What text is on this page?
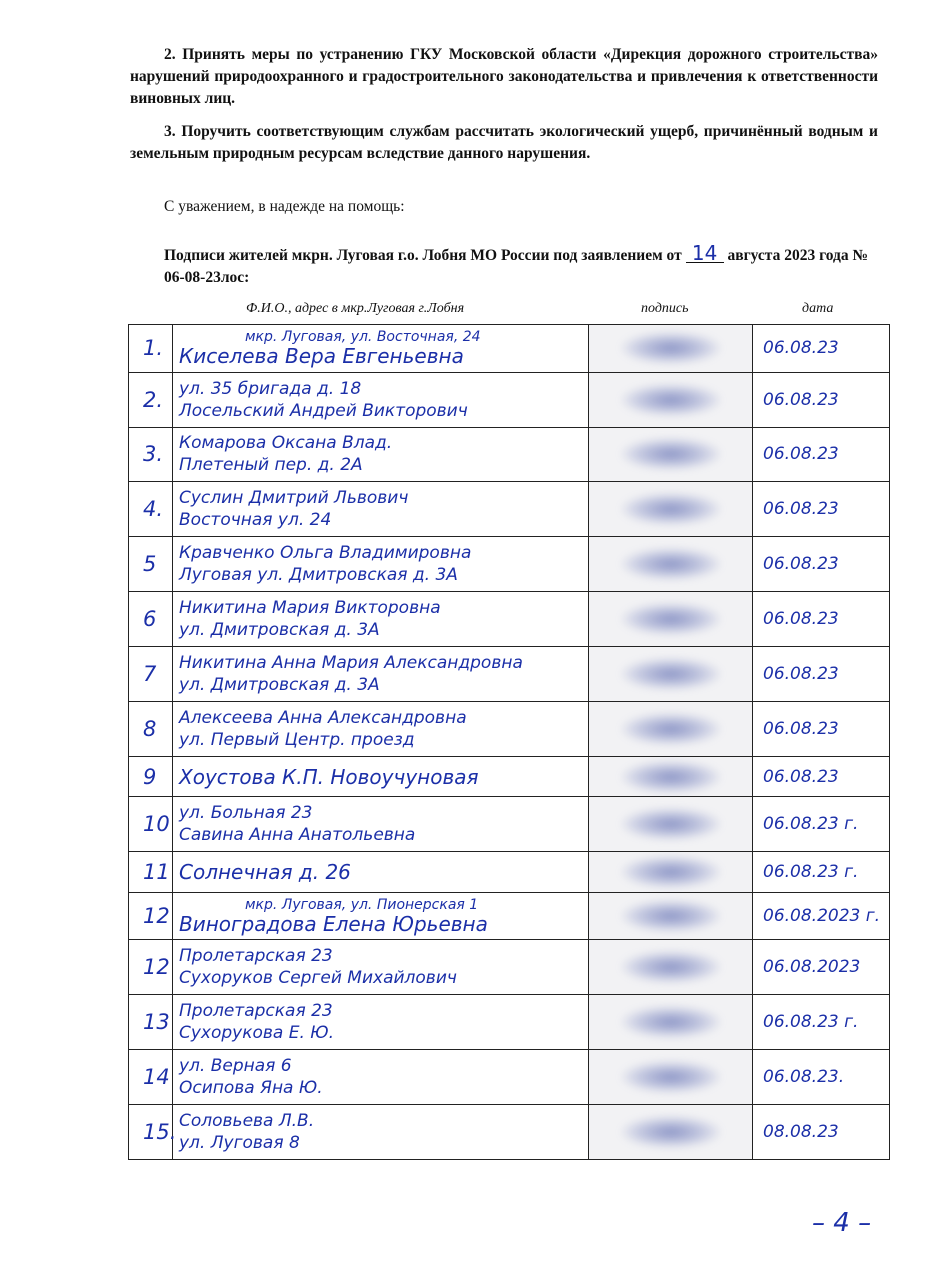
2. Принять меры по устранению ГКУ Московской области «Дирекция дорожного строительства» нарушений природоохранного и градостроительного законодательства и привлечения к ответственности виновных лиц.
3. Поручить соответствующим службам рассчитать экологический ущерб, причинённый водным и земельным природным ресурсам вследствие данного нарушения.
С уважением, в надежде на помощь:
Подписи жителей мкрн. Луговая г.о. Лобня МО России под заявлением от 14 августа 2023 года № 06-08-23лос:
Ф.И.О., адрес в мкр.Луговая г.Лобня	подпись	дата
1.	мкр. Луговая, ул. Восточная, 24
Киселева Вера Евгеньевна		06.08.23
2.	ул. 35 бригада д. 18
Лосельский Андрей Викторович		06.08.23
3.	Комарова Оксана Влад.
Плетеный пер. д. 2А		06.08.23
4.	Суслин Дмитрий Львович
Восточная ул. 24		06.08.23
5	Кравченко Ольга Владимировна
Луговая ул. Дмитровская д. 3А		06.08.23
6	Никитина Мария Викторовна
ул. Дмитровская д. 3А		06.08.23
7	Никитина Анна Мария Александровна
ул. Дмитровская д. 3А		06.08.23
8	Алексеева Анна Александровна
ул. Первый Центр. проезд		06.08.23
9	Хоустова К.П. Новоучуновая		06.08.23
10	ул. Больная 23
Савина Анна Анатольевна		06.08.23 г.
11	Солнечная д. 26		06.08.23 г.
12	мкр. Луговая, ул. Пионерская 1
Виноградова Елена Юрьевна		06.08.2023 г.
12	Пролетарская 23
Сухоруков Сергей Михайлович		06.08.2023
13	Пролетарская 23
Сухорукова Е. Ю.		06.08.23 г.
14	ул. Верная 6
Осипова Яна Ю.		06.08.23.
15.	Соловьева Л.В.
ул. Луговая 8		08.08.23
– 4 –
